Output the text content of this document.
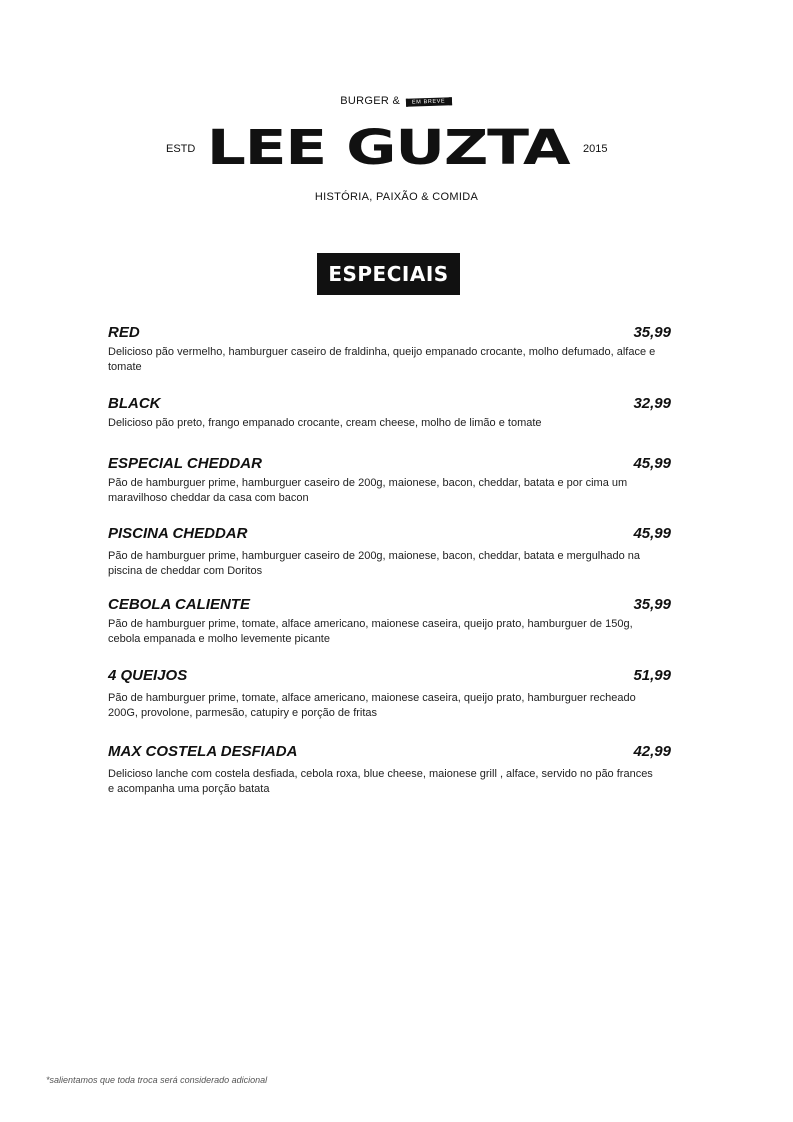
BURGER & EM BREVE
ESTD LEE GUZTA	2015
HISTÓRIA, PAIXÃO & COMIDA
ESPECIAIS
RED	35,99
Delicioso pão vermelho, hamburguer caseiro de fraldinha, queijo empanado crocante, molho defumado, alface e tomate
BLACK	32,99
Delicioso pão preto, frango empanado crocante, cream cheese, molho de limão e tomate
ESPECIAL CHEDDAR	45,99
Pão de hamburguer prime, hamburguer caseiro de 200g, maionese, bacon, cheddar, batata e por cima um maravilhoso cheddar da casa com bacon
PISCINA CHEDDAR	45,99
Pão de hamburguer prime, hamburguer caseiro de 200g, maionese, bacon, cheddar, batata e mergulhado na piscina de cheddar com Doritos
CEBOLA CALIENTE	35,99
Pão de hamburguer prime, tomate, alface americano, maionese caseira, queijo prato, hamburguer de 150g, cebola empanada e molho levemente picante
4 QUEIJOS	51,99
Pão de hamburguer prime, tomate, alface americano, maionese caseira, queijo prato, hamburguer recheado 200G, provolone, parmesão, catupiry e porção de fritas
MAX COSTELA DESFIADA	42,99
Delicioso lanche com costela desfiada, cebola roxa, blue cheese, maionese grill , alface, servido no pão frances e acompanha uma porção batata
*salientamos que toda troca será considerado adicional
